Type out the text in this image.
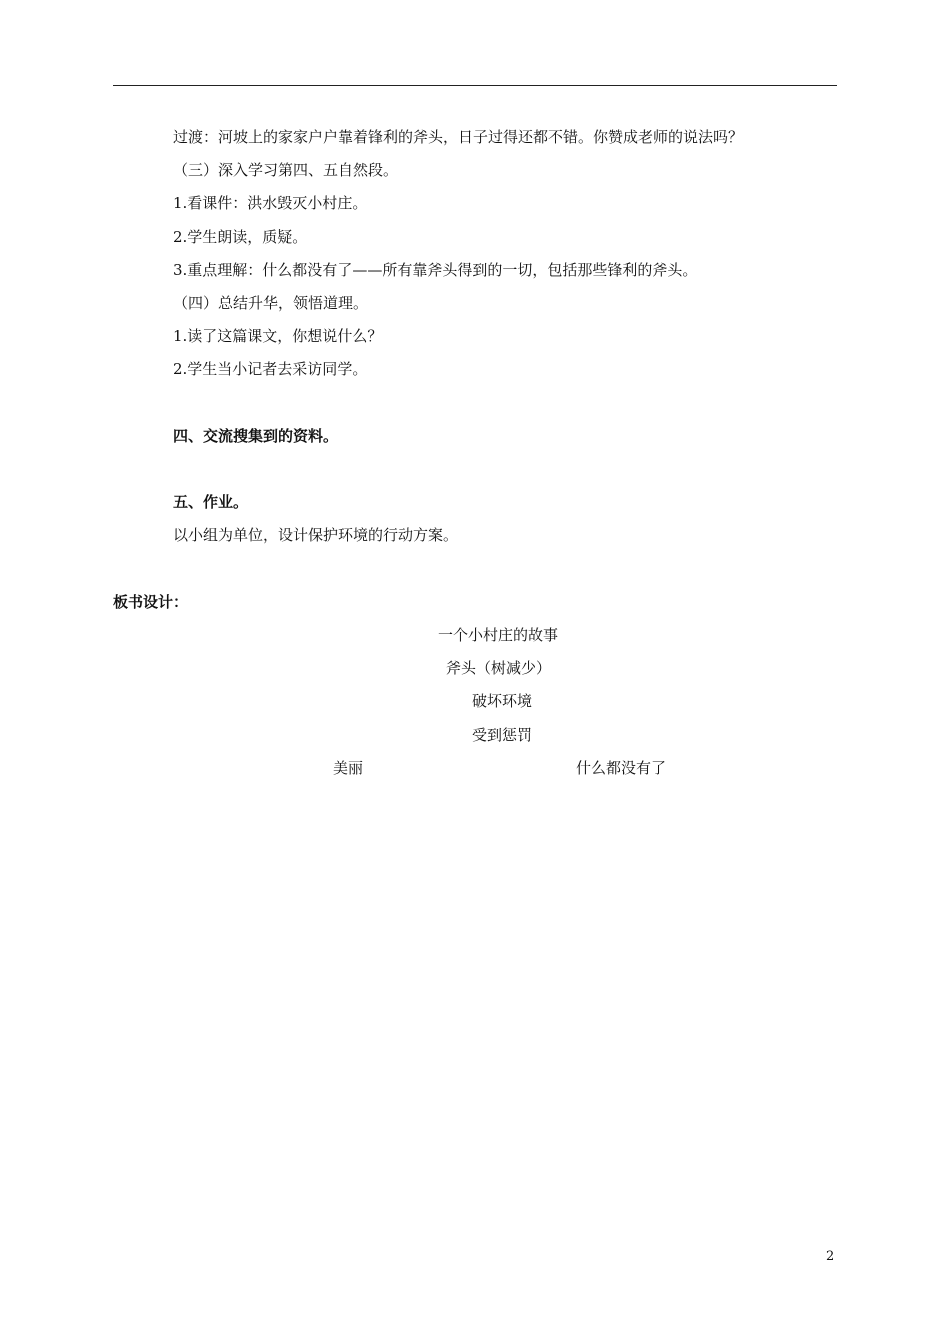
过渡：河坡上的家家户户靠着锋利的斧头，日子过得还都不错。你赞成老师的说法吗？
（三）深入学习第四、五自然段。
1.看课件：洪水毁灭小村庄。
2.学生朗读，质疑。
3.重点理解：什么都没有了——所有靠斧头得到的一切，包括那些锋利的斧头。
（四）总结升华，领悟道理。
1.读了这篇课文，你想说什么？
2.学生当小记者去采访同学。
四、交流搜集到的资料。
五、作业。
以小组为单位，设计保护环境的行动方案。
板书设计：
一个小村庄的故事
斧头（树减少）
破坏环境
受到惩罚
美丽	什么都没有了
2
